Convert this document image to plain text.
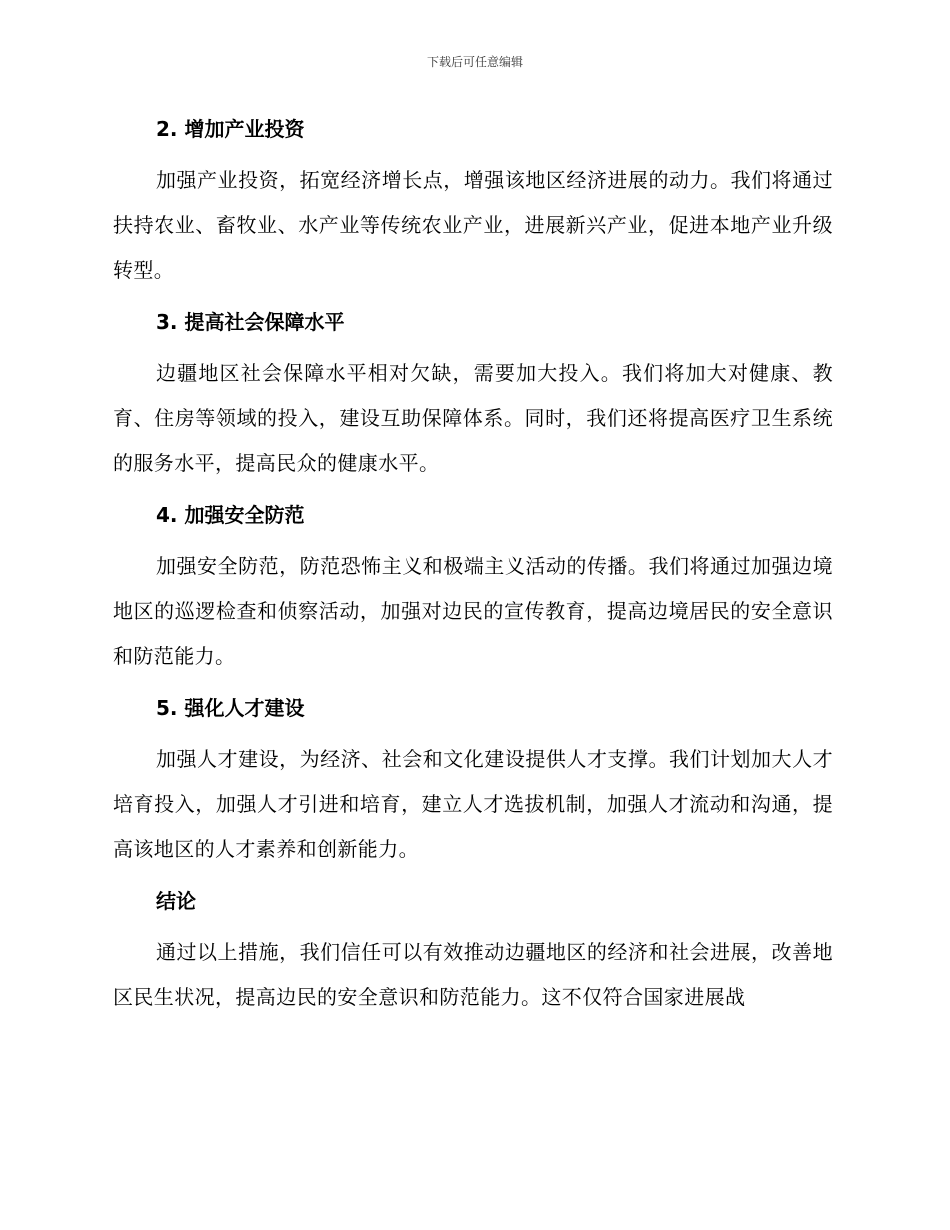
下载后可任意编辑
2. 增加产业投资

加强产业投资，拓宽经济增长点，增强该地区经济进展的动力。我们将通过扶持农业、畜牧业、水产业等传统农业产业，进展新兴产业，促进本地产业升级转型。

3. 提高社会保障水平

边疆地区社会保障水平相对欠缺，需要加大投入。我们将加大对健康、教育、住房等领域的投入，建设互助保障体系。同时，我们还将提高医疗卫生系统的服务水平，提高民众的健康水平。

4. 加强安全防范

加强安全防范，防范恐怖主义和极端主义活动的传播。我们将通过加强边境地区的巡逻检查和侦察活动，加强对边民的宣传教育，提高边境居民的安全意识和防范能力。

5. 强化人才建设

加强人才建设，为经济、社会和文化建设提供人才支撑。我们计划加大人才培育投入，加强人才引进和培育，建立人才选拔机制，加强人才流动和沟通，提高该地区的人才素养和创新能力。

结论

通过以上措施，我们信任可以有效推动边疆地区的经济和社会进展，改善地区民生状况，提高边民的安全意识和防范能力。这不仅符合国家进展战
